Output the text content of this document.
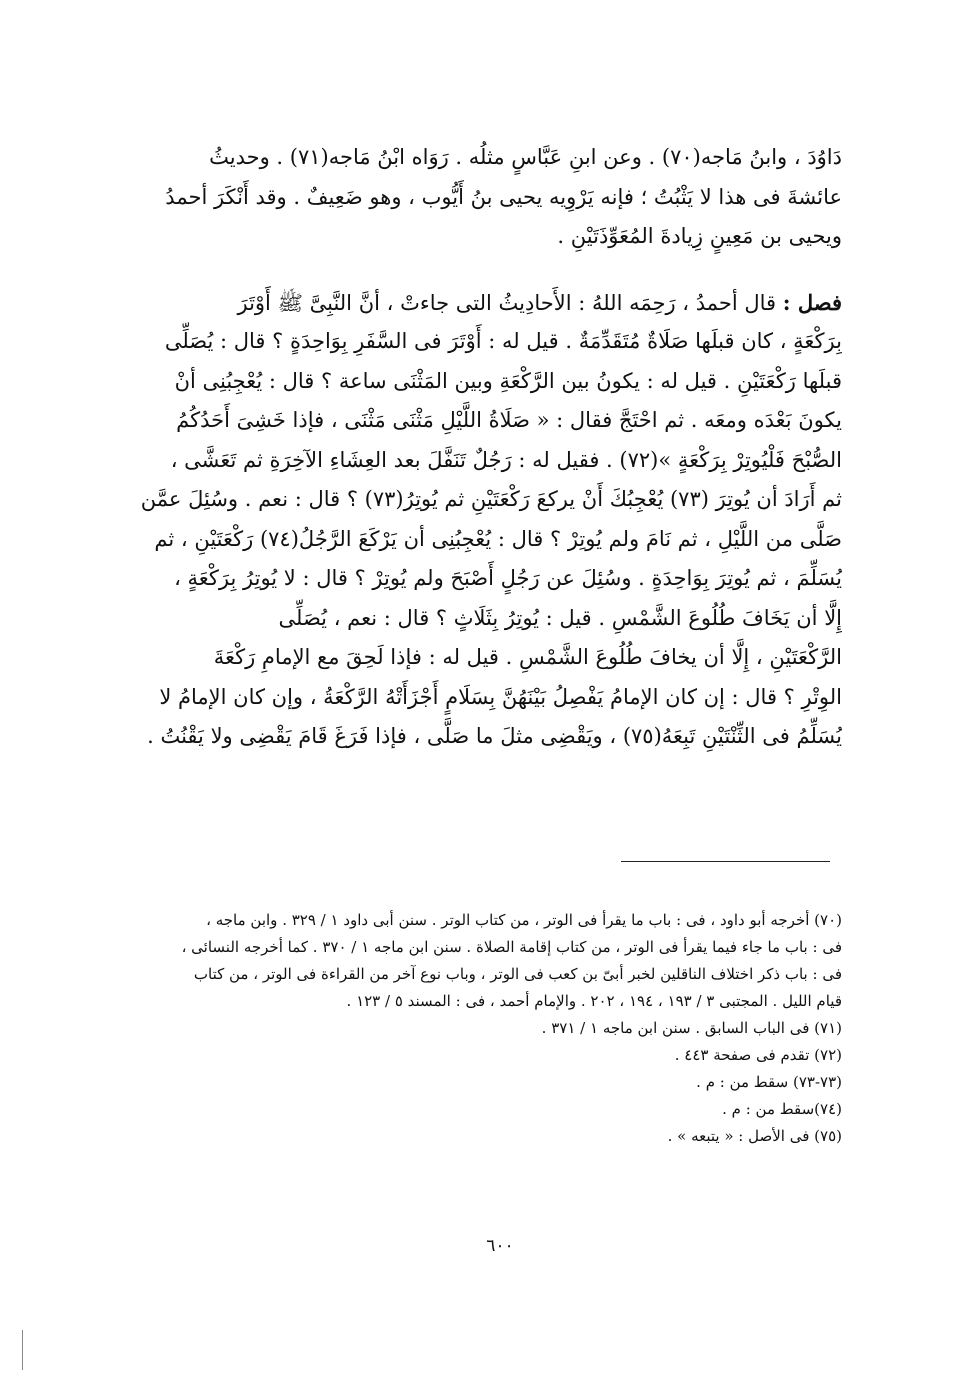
دَاوُدَ ، وابنُ مَاجه(٧٠) . وعن ابنِ عَبَّاسٍ مثلُه . رَوَاه ابْنُ مَاجه(٧١) . وحديثُ
عائشةَ فى هذا لا يَثْبُتُ ؛ فإنه يَرْوِيه يحيى بنُ أَيُّوب ، وهو ضَعِيفٌ . وقد أَنْكَرَ أحمدُ
ويحيى بن مَعِينٍ زِيادةَ المُعَوِّذَتَيْنِ .
فصل : قال أحمدُ ، رَحِمَه اللهُ : الأَحادِيثُ التى جاءتْ ، أنَّ النَّبِىَّ ﷺ أَوْتَرَ
بِرَكْعَةٍ ، كان قبلَها صَلَاةٌ مُتَقَدِّمَةٌ . قيل له : أَوْتَرَ فى السَّفَرِ بِوَاحِدَةٍ ؟ قال : يُصَلِّى
قبلَها رَكْعَتَيْنِ . قيل له : يكونُ بين الرَّكْعَةِ وبين المَثْنَى ساعة ؟ قال : يُعْجِبُنِى أنْ
يكونَ بَعْدَه ومعَه . ثم احْتَجَّ فقال : « صَلَاةُ اللَّيْلِ مَثْنَى مَثْنَى ، فإذا خَشِىَ أَحَدُكُمُ
الصُّبْحَ فَلْيُوتِرْ بِرَكْعَةٍ »(٧٢) . فقيل له : رَجُلٌ تَنَفَّلَ بعد العِشَاءِ الآخِرَةِ ثم تَعَشَّى ،
ثم أَرَادَ أن يُوتِرَ (٧٣) يُعْجِبُكَ أَنْ يركعَ رَكْعَتَيْنِ ثم يُوتِرُ(٧٣) ؟ قال : نعم . وسُئِلَ عمَّن
صَلَّى من اللَّيْلِ ، ثم نَامَ ولم يُوتِرْ ؟ قال : يُعْجِبُنِى أن يَرْكَعَ الرَّجُلُ(٧٤) رَكْعَتَيْنِ ، ثم
يُسَلِّمَ ، ثم يُوتِرَ بِوَاحِدَةٍ . وسُئِلَ عن رَجُلٍ أَصْبَحَ ولم يُوتِرْ ؟ قال : لا يُوتِرُ بِرَكْعَةٍ ،
إِلَّا أن يَخَافَ طُلُوعَ الشَّمْسِ . قيل : يُوتِرُ بِثَلَاثٍ ؟ قال : نعم ، يُصَلِّى
الرَّكْعَتَيْنِ ، إِلَّا أن يخافَ طُلُوعَ الشَّمْسِ . قيل له : فإذا لَحِقَ مع الإمامِ رَكْعَةَ
الوِتْرِ ؟ قال : إن كان الإمامُ يَفْصِلُ بَيْنَهُنَّ بِسَلَامٍ أَجْزَأَتْهُ الرَّكْعَةُ ، وإن كان الإمامُ لا
يُسَلِّمُ فى الثِّنْتَيْنِ تَبِعَهُ(٧٥) ، ويَقْضِى مثلَ ما صَلَّى ، فإذا فَرَغَ قَامَ يَقْضِى ولا يَقْنُتُ .
(٧٠) أخرجه أبو داود ، فى : باب ما يقرأ فى الوتر ، من كتاب الوتر . سنن أبى داود ١ / ٣٢٩ . وابن ماجه ،
فى : باب ما جاء فيما يقرأ فى الوتر ، من كتاب إقامة الصلاة . سنن ابن ماجه ١ / ٣٧٠ . كما أخرجه النسائى ،
فى : باب ذكر اختلاف الناقلين لخبر أبىّ بن كعب فى الوتر ، وباب نوع آخر من القراءة فى الوتر ، من كتاب
قيام الليل . المجتبى ٣ / ١٩٣ ، ١٩٤ ، ٢٠٢ . والإمام أحمد ، فى : المسند ٥ / ١٢٣ .
(٧١) فى الباب السابق . سنن ابن ماجه ١ / ٣٧١ .
(٧٢) تقدم فى صفحة ٤٤٣ .
(٧٣-٧٣) سقط من : م .
(٧٤)سقط من : م .
(٧٥) فى الأصل : « يتبعه » .
٦٠٠
